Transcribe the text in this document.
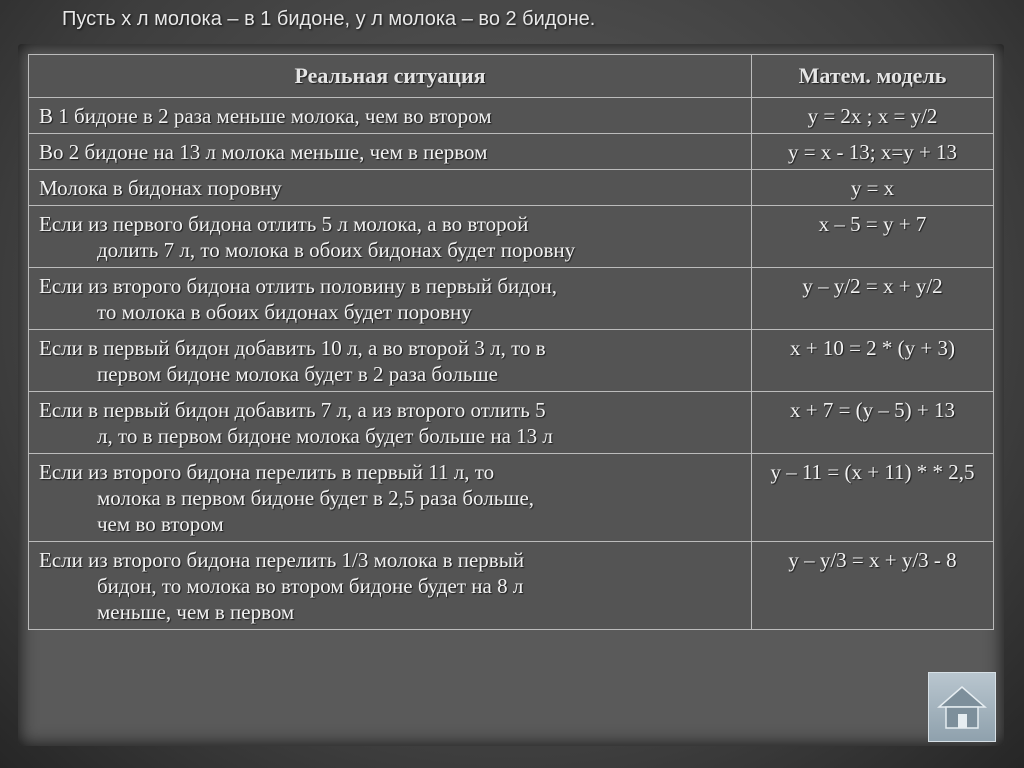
Пусть х л молока – в 1 бидоне, у л молока – во 2 бидоне.
Реальная ситуация	Матем. модель
В 1 бидоне в 2 раза меньше молока, чем во втором	у = 2х ; х = у/2
Во 2 бидоне на 13 л молока меньше, чем в первом	у = х - 13; х=у + 13
Молока в бидонах поровну	у = х
Если из первого бидона отлить 5 л молока, а во второй
долить 7 л, то молока в обоих бидонах будет поровну	х – 5 = у + 7
Если из второго бидона отлить половину в первый бидон,
то молока в обоих бидонах будет поровну	у – у/2 = х + у/2
Если в первый бидон добавить 10 л, а во второй 3 л, то в
первом бидоне молока будет в 2 раза больше	х + 10 = 2 * (у + 3)
Если в первый бидон добавить 7 л, а из второго отлить 5
л, то в первом бидоне молока будет больше на 13 л	х + 7 = (у – 5) + 13
Если из второго бидона перелить в первый 11 л, то
молока в первом бидоне будет в 2,5 раза больше,
чем во втором	у – 11 = (х + 11) * * 2,5
Если из второго бидона перелить 1/3 молока в первый
бидон, то молока во втором бидоне будет на 8 л
меньше, чем в первом	у – у/3 = х + у/3 - 8
